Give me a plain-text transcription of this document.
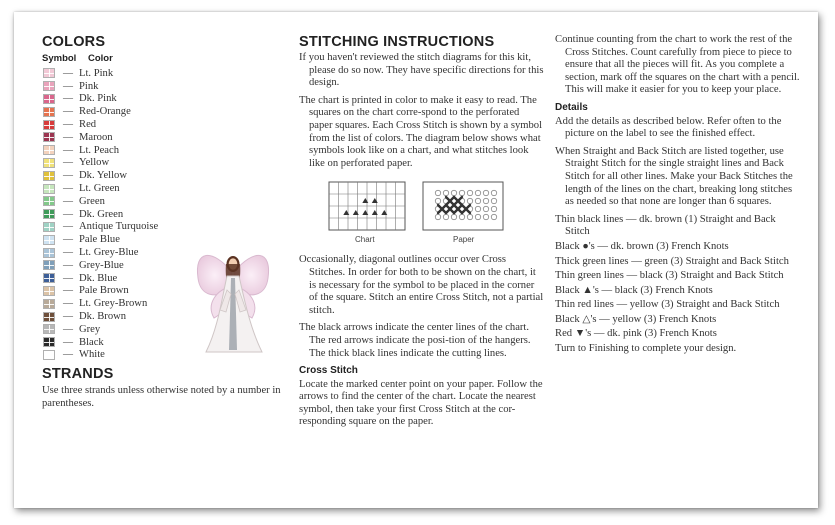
COLORS
Symbol Color
— Lt. Pink
— Pink
— Dk. Pink
— Red-Orange
— Red
— Maroon
— Lt. Peach
— Yellow
— Dk. Yellow
— Lt. Green
— Green
— Dk. Green
— Antique Turquoise
— Pale Blue
— Lt. Grey-Blue
— Grey-Blue
— Dk. Blue
— Pale Brown
— Lt. Grey-Brown
— Dk. Brown
— Grey
— Black
— White
STRANDS
Use three strands unless otherwise noted by a number in parentheses.
STITCHING INSTRUCTIONS

If you haven't reviewed the stitch diagrams for this kit, please do so now. They have specific directions for this design.

The chart is printed in color to make it easy to read. The squares on the chart corre-spond to the perforated paper squares. Each Cross Stitch is shown by a symbol from the list of colors. The diagram below shows what symbols look like on a chart, and what stitches look like on perforated paper.

Chart	Paper

Occasionally, diagonal outlines occur over Cross Stitches. In order for both to be shown on the chart, it is necessary for the symbol to be placed in the corner of the square. Stitch an entire Cross Stitch, not a partial stitch.

The black arrows indicate the center lines of the chart. The red arrows indicate the posi-tion of the hangers. The thick black lines indicate the cutting lines.

Cross Stitch

Locate the marked center point on your paper. Follow the arrows to find the center of the chart. Locate the nearest symbol, then take your first Cross Stitch at the cor-responding square on the paper.

Continue counting from the chart to work the rest of the Cross Stitches. Count carefully from piece to piece to ensure that all the pieces will fit. As you complete a section, mark off the squares on the chart with a pencil. This will make it easier for you to keep your place.

Details

Add the details as described below. Refer often to the picture on the label to see the finished effect.

When Straight and Back Stitch are listed together, use Straight Stitch for the single straight lines and Back Stitch for all other lines. Make your Back Stitches the length of the lines on the chart, breaking long stitches as needed so that none are longer than 6 squares.

Thin black lines — dk. brown (1) Straight and Back Stitch

Black ●'s — dk. brown (3) French Knots

Thick green lines — green (3) Straight and Back Stitch

Thin green lines — black (3) Straight and Back Stitch

Black ▲'s — black (3) French Knots

Thin red lines — yellow (3) Straight and Back Stitch

Black △'s — yellow (3) French Knots

Red ▼'s — dk. pink (3) French Knots

Turn to Finishing to complete your design.
